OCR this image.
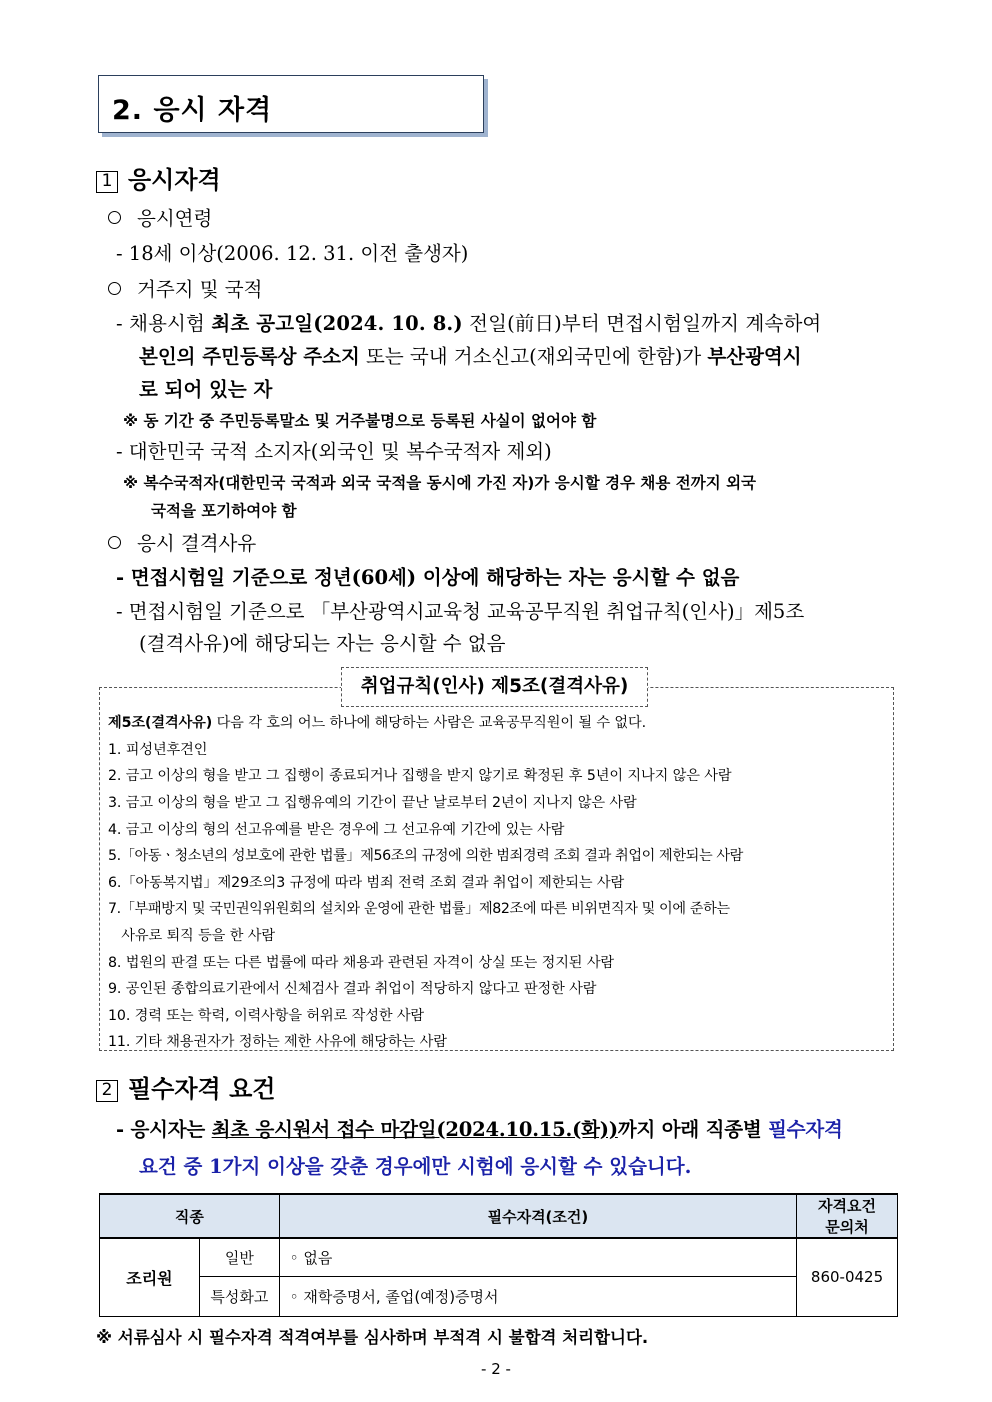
2. 응시 자격
1 응시자격
응시연령
- 18세 이상(2006. 12. 31. 이전 출생자)
거주지 및 국적
- 채용시험 최초 공고일(2024. 10. 8.) 전일(前日)부터 면접시험일까지 계속하여
본인의 주민등록상 주소지 또는 국내 거소신고(재외국민에 한함)가 부산광역시
로 되어 있는 자
※ 동 기간 중 주민등록말소 및 거주불명으로 등록된 사실이 없어야 함
- 대한민국 국적 소지자(외국인 및 복수국적자 제외)
※ 복수국적자(대한민국 국적과 외국 국적을 동시에 가진 자)가 응시할 경우 채용 전까지 외국
국적을 포기하여야 함
응시 결격사유
- 면접시험일 기준으로 정년(60세) 이상에 해당하는 자는 응시할 수 없음
- 면접시험일 기준으로 「부산광역시교육청 교육공무직원 취업규칙(인사)」제5조
(결격사유)에 해당되는 자는 응시할 수 없음
취업규칙(인사) 제5조(결격사유)
제5조(결격사유) 다음 각 호의 어느 하나에 해당하는 사람은 교육공무직원이 될 수 없다.
1. 피성년후견인
2. 금고 이상의 형을 받고 그 집행이 종료되거나 집행을 받지 않기로 확정된 후 5년이 지나지 않은 사람
3. 금고 이상의 형을 받고 그 집행유예의 기간이 끝난 날로부터 2년이 지나지 않은 사람
4. 금고 이상의 형의 선고유예를 받은 경우에 그 선고유예 기간에 있는 사람
5.「아동ㆍ청소년의 성보호에 관한 법률」제56조의 규정에 의한 범죄경력 조회 결과 취업이 제한되는 사람
6.「아동복지법」제29조의3 규정에 따라 범죄 전력 조회 결과 취업이 제한되는 사람
7.「부패방지 및 국민권익위원회의 설치와 운영에 관한 법률」제82조에 따른 비위면직자 및 이에 준하는
사유로 퇴직 등을 한 사람
8. 법원의 판결 또는 다른 법률에 따라 채용과 관련된 자격이 상실 또는 정지된 사람
9. 공인된 종합의료기관에서 신체검사 결과 취업이 적당하지 않다고 판정한 사람
10. 경력 또는 학력, 이력사항을 허위로 작성한 사람
11. 기타 채용권자가 정하는 제한 사유에 해당하는 사람
2 필수자격 요건
- 응시자는 최초 응시원서 접수 마감일(2024.10.15.(화))까지 아래 직종별 필수자격
요건 중 1가지 이상을 갖춘 경우에만 시험에 응시할 수 있습니다.
직종		필수자격(조건)	자격요건
문의처
조리원	일반	◦ 없음	860-0425
	특성화고	◦ 재학증명서, 졸업(예정)증명서	
※ 서류심사 시 필수자격 적격여부를 심사하며 부적격 시 불합격 처리합니다.
- 2 -
